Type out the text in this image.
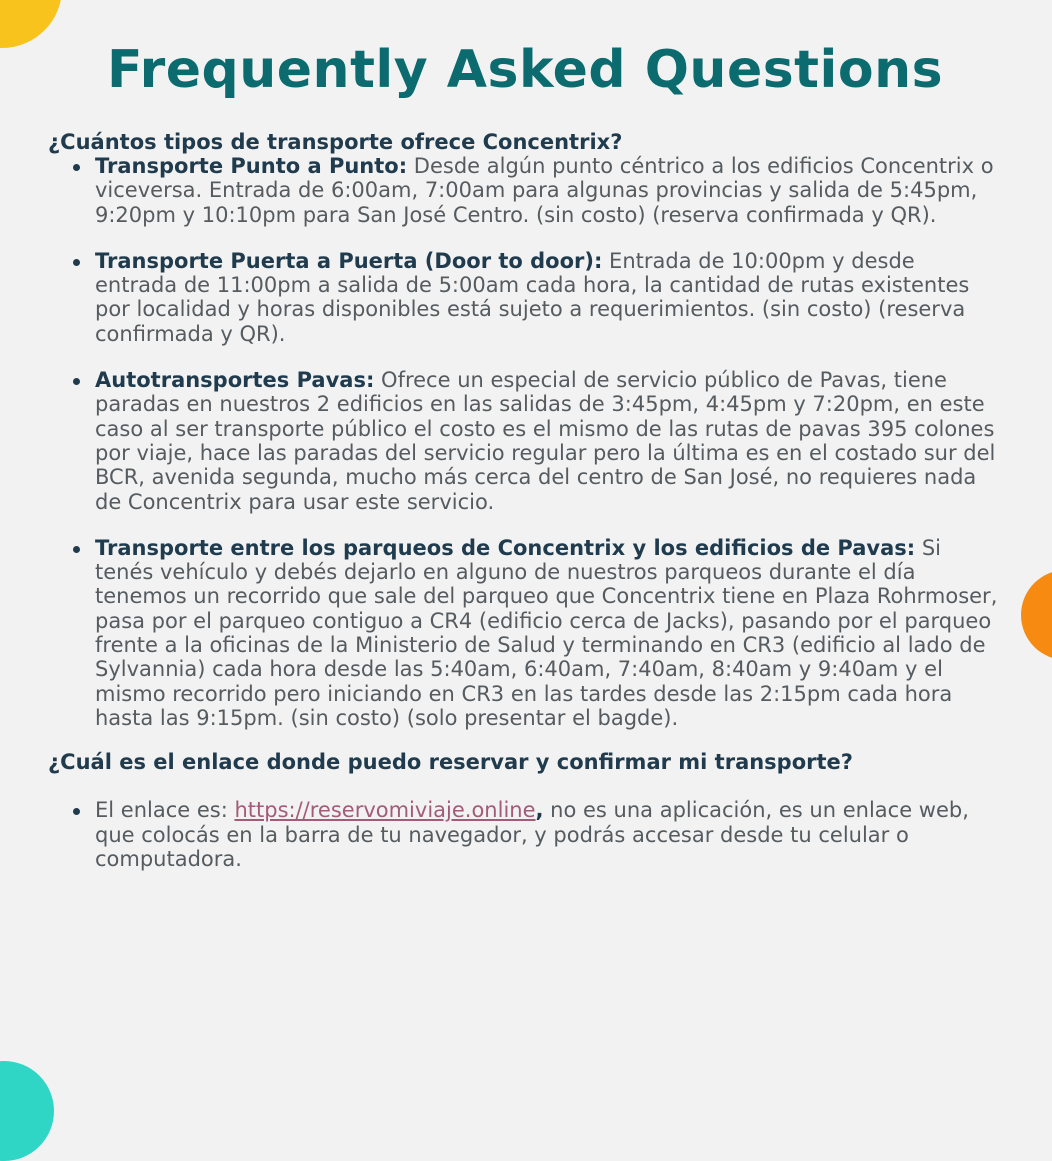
Frequently Asked Questions

¿Cuántos tipos de transporte ofrece Concentrix?

Transporte Punto a Punto: Desde algún punto céntrico a los edificios Concentrix o viceversa. Entrada de 6:00am, 7:00am para algunas provincias y salida de 5:45pm, 9:20pm y 10:10pm para San José Centro. (sin costo) (reserva confirmada y QR).
Transporte Puerta a Puerta (Door to door): Entrada de 10:00pm y desde entrada de 11:00pm a salida de 5:00am cada hora, la cantidad de rutas existentes por localidad y horas disponibles está sujeto a requerimientos. (sin costo) (reserva confirmada y QR).
Autotransportes Pavas: Ofrece un especial de servicio público de Pavas, tiene paradas en nuestros 2 edificios en las salidas de 3:45pm, 4:45pm y 7:20pm, en este caso al ser transporte público el costo es el mismo de las rutas de pavas 395 colones por viaje, hace las paradas del servicio regular pero la última es en el costado sur del BCR, avenida segunda, mucho más cerca del centro de San José, no requieres nada de Concentrix para usar este servicio.
Transporte entre los parqueos de Concentrix y los edificios de Pavas: Si tenés vehículo y debés dejarlo en alguno de nuestros parqueos durante el día tenemos un recorrido que sale del parqueo que Concentrix tiene en Plaza Rohrmoser, pasa por el parqueo contiguo a CR4 (edificio cerca de Jacks), pasando por el parqueo frente a la oficinas de la Ministerio de Salud y terminando en CR3 (edificio al lado de Sylvannia) cada hora desde las 5:40am, 6:40am, 7:40am, 8:40am y 9:40am y el mismo recorrido pero iniciando en CR3 en las tardes desde las 2:15pm cada hora hasta las 9:15pm. (sin costo) (solo presentar el bagde).

¿Cuál es el enlace donde puedo reservar y confirmar mi transporte?

El enlace es: https://reservomiviaje.online, no es una aplicación, es un enlace web, que colocás en la barra de tu navegador, y podrás accesar desde tu celular o computadora.
